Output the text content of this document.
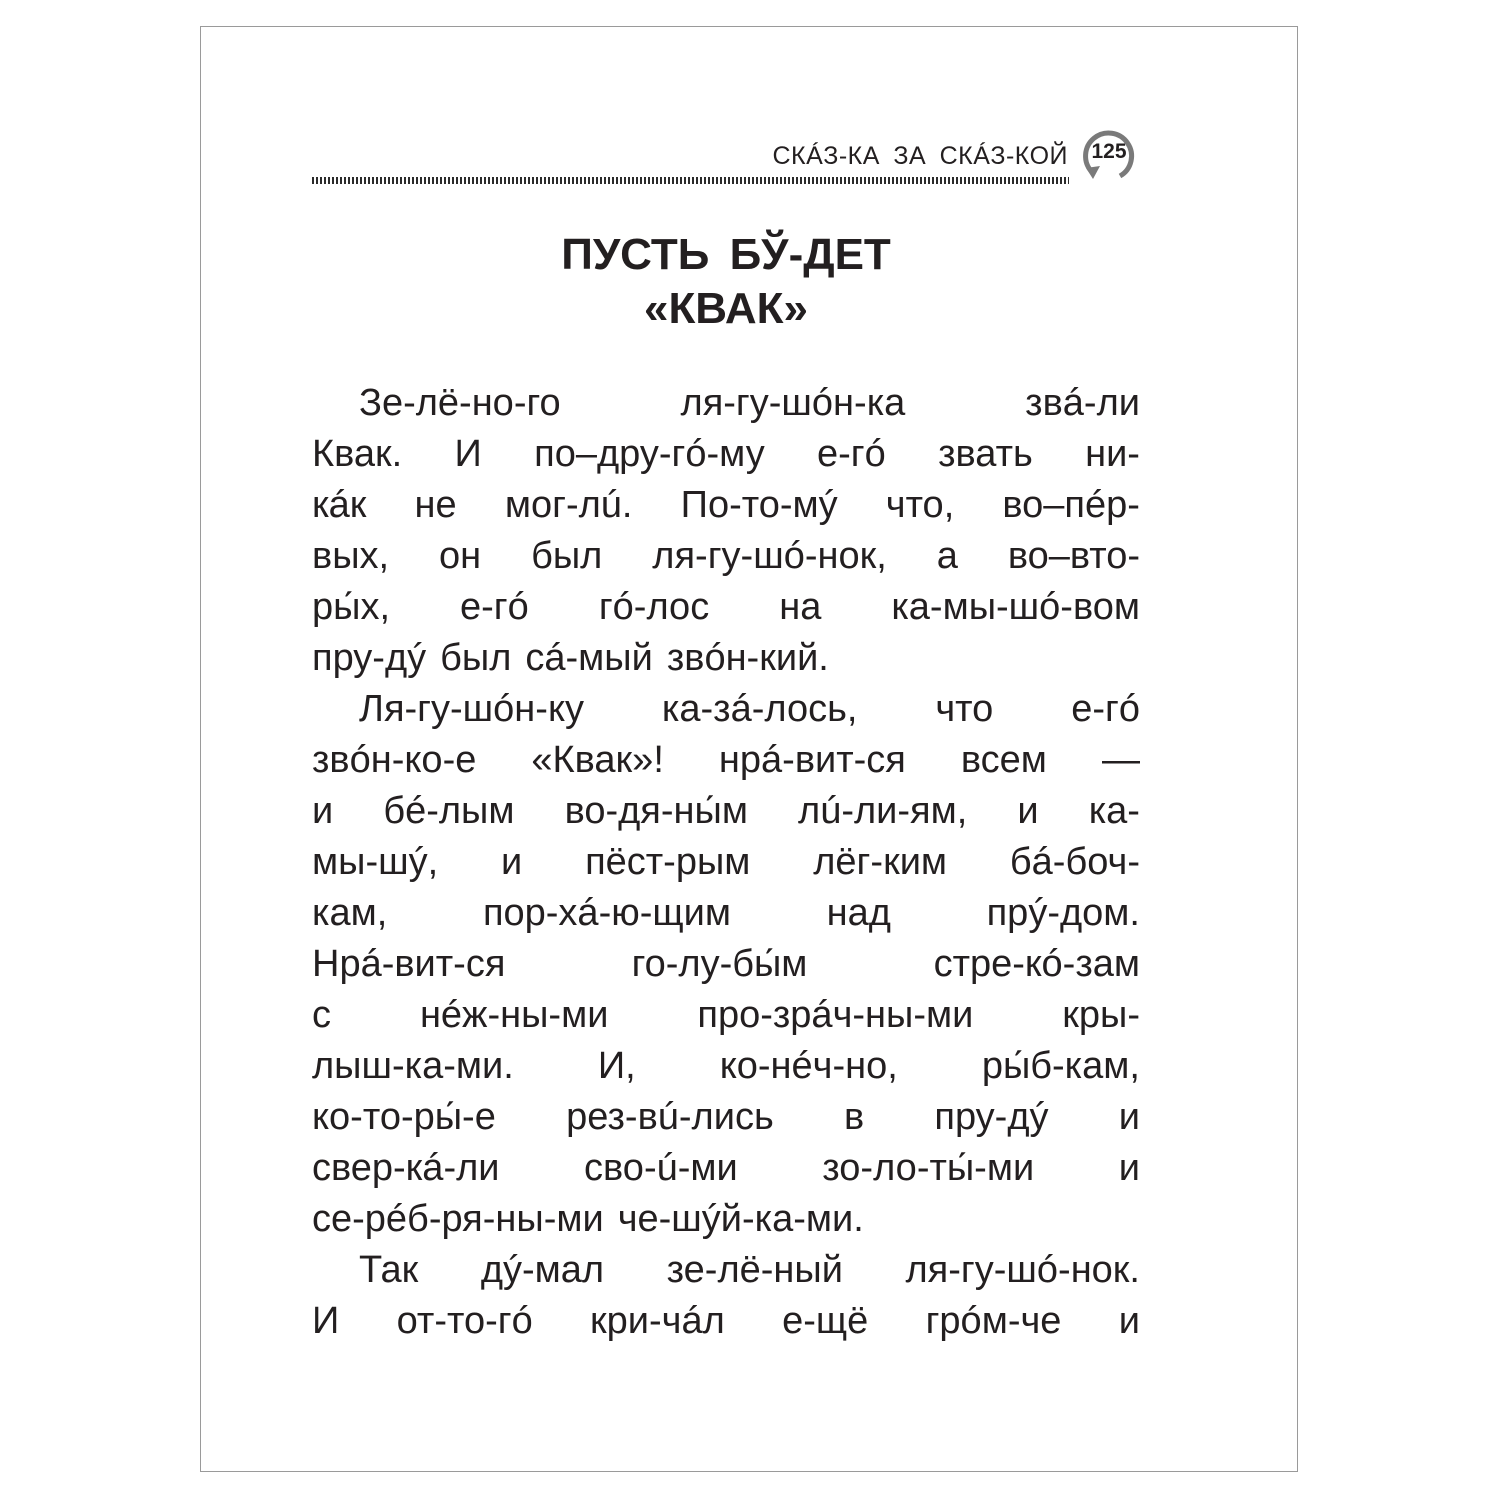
СКÁЗ-КА ЗА СКÁЗ-КОЙ	125
ПУСТЬ БЎ-ДЕТ
«КВАК»
Зе-лё-но-го	ля-гу-шóн-ка	звá-ли
Квак. И по–дру-гó-му е-гó звать ни-
кáк не мог-лú. По-то-мý что, во–пéр-
вых, он был ля-гу-шó-нок, а во–вто-
ры́х, е-гó гó-лос на ка-мы-шó-вом
пру-дý был сá-мый звóн-кий.
Ля-гу-шóн-ку ка-зá-лось, что е-гó
звóн-ко-е «Квак»! нрá-вит-ся всем —
и бé-лым во-дя-ны́м лú-ли-ям, и ка-
мы-шý, и пёст-рым лёг-ким бá-боч-
кам,	пор-хá-ю-щим	над	прý-дом.
Нрá-вит-ся	го-лу-бы́м	стре-кó-зам
с нéж-ны-ми про-зрáч-ны-ми кры-
лыш-ка-ми. И, ко-нéч-но, ры́б-кам,
ко-то-ры́-е рез-вú-лись в пру-дý и
свер-кá-ли сво-ú-ми зо-ло-ты́-ми и
се-рéб-ря-ны-ми че-шýй-ка-ми.
Так дý-мал зе-лё-ный ля-гу-шó-нок.
И от-то-гó кри-чáл е-щё грóм-че и
